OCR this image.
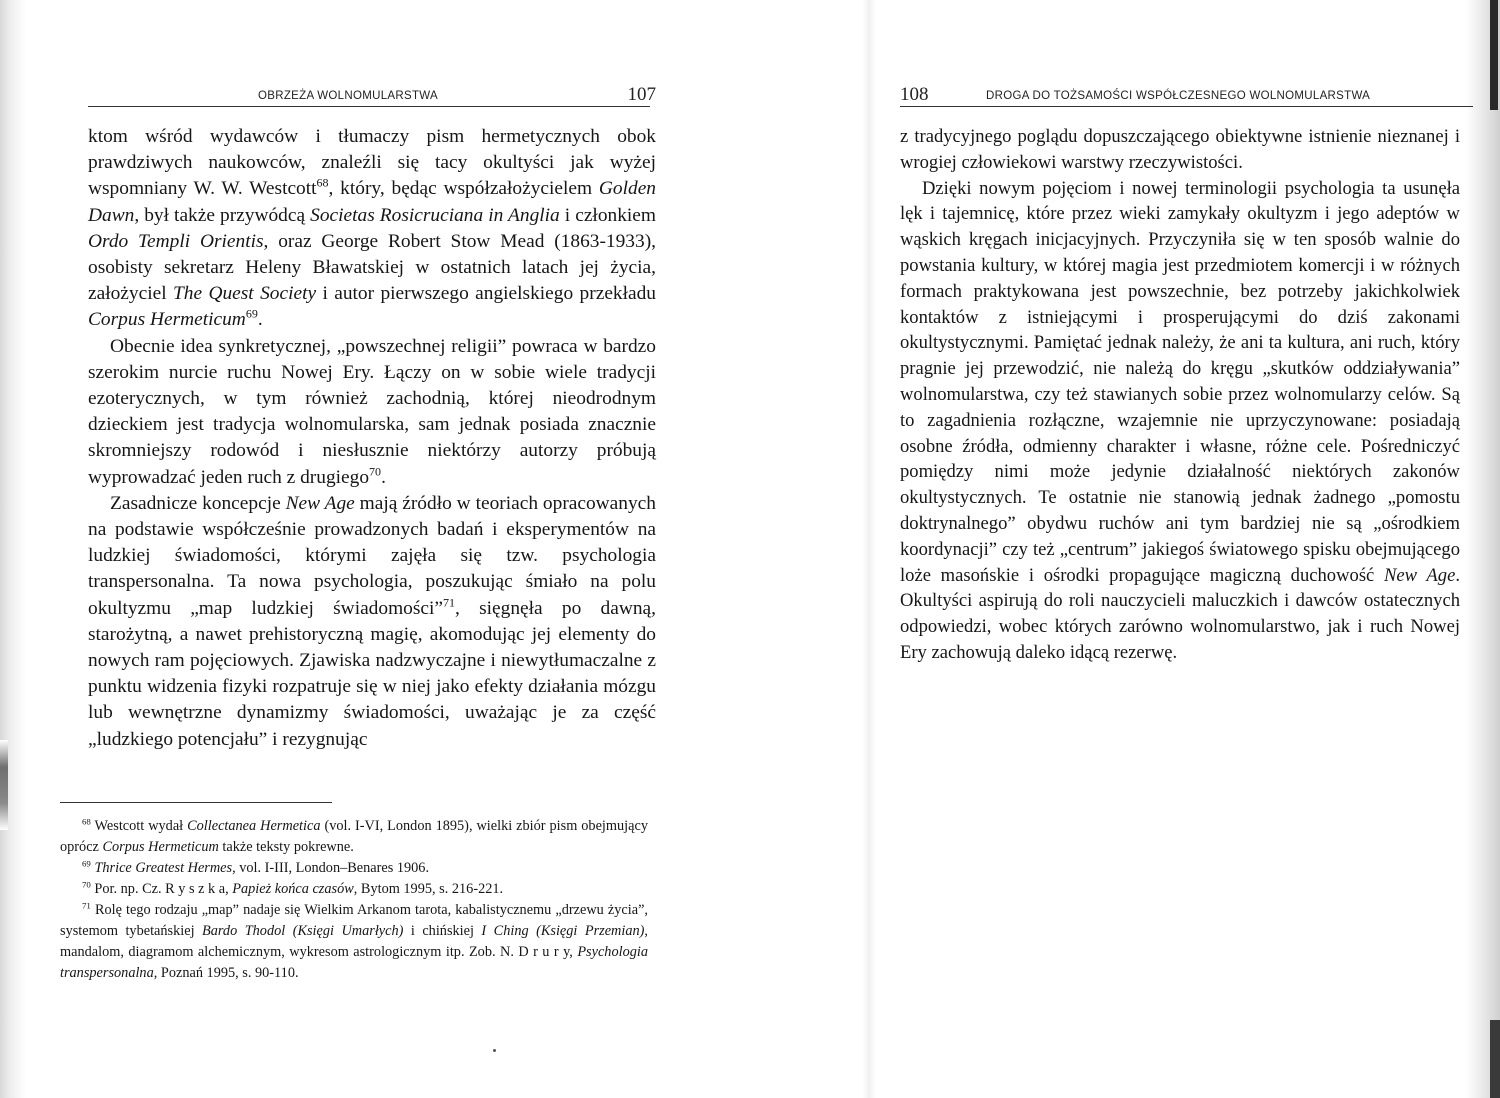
OBRZEŻA WOLNOMULARSTWA	107

ktom wśród wydawców i tłumaczy pism hermetycznych obok prawdziwych naukowców, znaleźli się tacy okultyści jak wyżej wspomniany W. W. Westcott$^{68}$, który, będąc współzałożycielem Golden Dawn, był także przywódcą Societas Rosicruciana in Anglia i członkiem Ordo Templi Orientis, oraz George Robert Stow Mead (1863-1933), osobisty sekretarz Heleny Bławatskiej w ostatnich latach jej życia, założyciel The Quest Society i autor pierwszego angielskiego przekładu Corpus Hermeticum$^{69}$.

Obecnie idea synkretycznej, „powszechnej religii” powraca w bardzo szerokim nurcie ruchu Nowej Ery. Łączy on w sobie wiele tradycji ezoterycznych, w tym również zachodnią, której nieodrodnym dzieckiem jest tradycja wolnomularska, sam jednak posiada znacznie skromniejszy rodowód i niesłusznie niektórzy autorzy próbują wyprowadzać jeden ruch z drugiego$^{70}$.

Zasadnicze koncepcje New Age mają źródło w teoriach opracowanych na podstawie współcześnie prowadzonych badań i eksperymentów na ludzkiej świadomości, którymi zajęła się tzw. psychologia transpersonalna. Ta nowa psychologia, poszukując śmiało na polu okultyzmu „map ludzkiej świadomości”$^{71}$, sięgnęła po dawną, starożytną, a nawet prehistoryczną magię, akomodując jej elementy do nowych ram pojęciowych. Zjawiska nadzwyczajne i niewytłumaczalne z punktu widzenia fizyki rozpatruje się w niej jako efekty działania mózgu lub wewnętrzne dynamizmy świadomości, uważając je za część „ludzkiego potencjału” i rezygnując

$^{68}$ Westcott wydał Collectanea Hermetica (vol. I-VI, London 1895), wielki zbiór pism obejmujący oprócz Corpus Hermeticum także teksty pokrewne.

$^{69}$ Thrice Greatest Hermes, vol. I-III, London–Benares 1906.

$^{70}$ Por. np. Cz. R y s z k a, Papież końca czasów, Bytom 1995, s. 216-221.

$^{71}$ Rolę tego rodzaju „map” nadaje się Wielkim Arkanom tarota, kabalistycznemu „drzewu życia”, systemom tybetańskiej Bardo Thodol (Księgi Umarłych) i chińskiej I Ching (Księgi Przemian), mandalom, diagramom alchemicznym, wykresom astrologicznym itp. Zob. N. D r u r y, Psychologia transpersonalna, Poznań 1995, s. 90-110.

108	DROGA DO TOŻSAMOŚCI WSPÓŁCZESNEGO WOLNOMULARSTWA

z tradycyjnego poglądu dopuszczającego obiektywne istnienie nieznanej i wrogiej człowiekowi warstwy rzeczywistości.

Dzięki nowym pojęciom i nowej terminologii psychologia ta usunęła lęk i tajemnicę, które przez wieki zamykały okultyzm i jego adeptów w wąskich kręgach inicjacyjnych. Przyczyniła się w ten sposób walnie do powstania kultury, w której magia jest przedmiotem komercji i w różnych formach praktykowana jest powszechnie, bez potrzeby jakichkolwiek kontaktów z istniejącymi i prosperującymi do dziś zakonami okultystycznymi. Pamiętać jednak należy, że ani ta kultura, ani ruch, który pragnie jej przewodzić, nie należą do kręgu „skutków oddziaływania” wolnomularstwa, czy też stawianych sobie przez wolnomularzy celów. Są to zagadnienia rozłączne, wzajemnie nie uprzyczynowane: posiadają osobne źródła, odmienny charakter i własne, różne cele. Pośredniczyć pomiędzy nimi może jedynie działalność niektórych zakonów okultystycznych. Te ostatnie nie stanowią jednak żadnego „pomostu doktrynalnego” obydwu ruchów ani tym bardziej nie są „ośrodkiem koordynacji” czy też „centrum” jakiegoś światowego spisku obejmującego loże masońskie i ośrodki propagujące magiczną duchowość New Age. Okultyści aspirują do roli nauczycieli maluczkich i dawców ostatecznych odpowiedzi, wobec których zarówno wolnomularstwo, jak i ruch Nowej Ery zachowują daleko idącą rezerwę.
